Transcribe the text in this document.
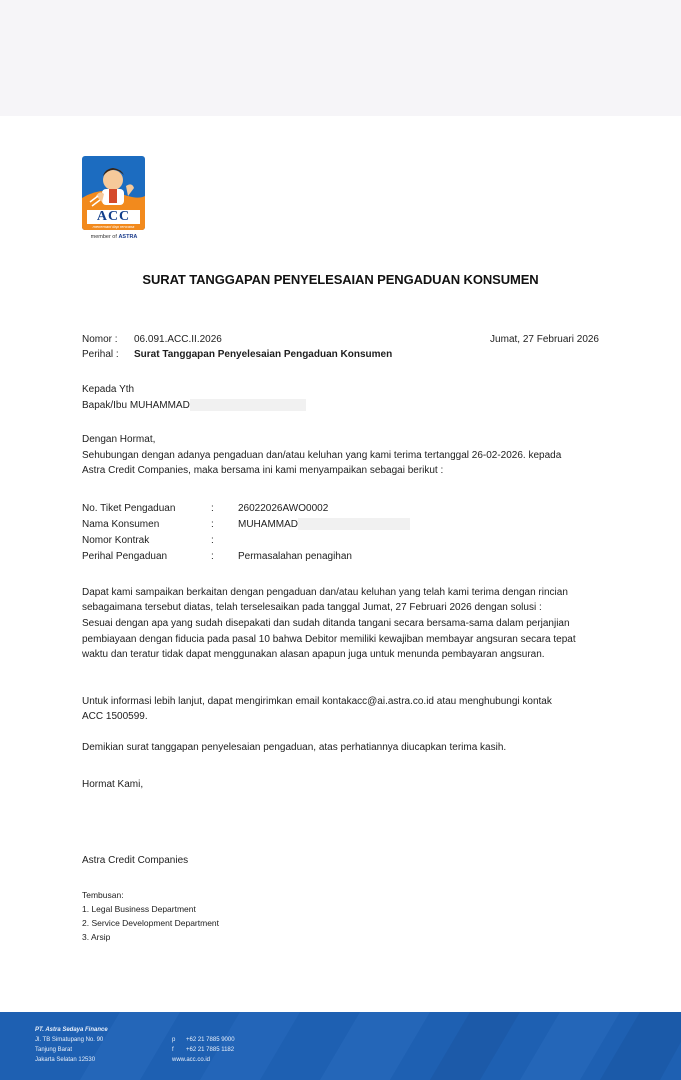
ACC
menemani tiap rencana
member of ASTRA
SURAT TANGGAPAN PENYELESAIAN PENGADUAN KONSUMEN
Nomor : 06.091.ACC.II.2026	Jumat, 27 Februari 2026
Perihal : Surat Tanggapan Penyelesaian Pengaduan Konsumen
Kepada Yth
Bapak/Ibu MUHAMMAD
Dengan Hormat,
Sehubungan dengan adanya pengaduan dan/atau keluhan yang kami terima tertanggal 26-02-2026. kepada
Astra Credit Companies, maka bersama ini kami menyampaikan sebagai berikut :
No. Tiket Pengaduan	: 26022026AWO0002
Nama Konsumen	: MUHAMMAD
Nomor Kontrak	:
Perihal Pengaduan	: Permasalahan penagihan
Dapat kami sampaikan berkaitan dengan pengaduan dan/atau keluhan yang telah kami terima dengan rincian
sebagaimana tersebut diatas, telah terselesaikan pada tanggal Jumat, 27 Februari 2026 dengan solusi :
Sesuai dengan apa yang sudah disepakati dan sudah ditanda tangani secara bersama-sama dalam perjanjian
pembiayaan dengan fiducia pada pasal 10 bahwa Debitor memiliki kewajiban membayar angsuran secara tepat
waktu dan teratur tidak dapat menggunakan alasan apapun juga untuk menunda pembayaran angsuran.
Untuk informasi lebih lanjut, dapat mengirimkan email kontakacc@ai.astra.co.id atau menghubungi kontak
ACC 1500599.
Demikian surat tanggapan penyelesaian pengaduan, atas perhatiannya diucapkan terima kasih.
Hormat Kami,
Astra Credit Companies
Tembusan:
1. Legal Business Department
2. Service Development Department
3. Arsip
PT. Astra Sedaya Finance
Jl. TB Simatupang No. 90
Tanjung Barat
Jakarta Selatan 12530
p +62 21 7885 9000
f +62 21 7885 1182
www.acc.co.id
